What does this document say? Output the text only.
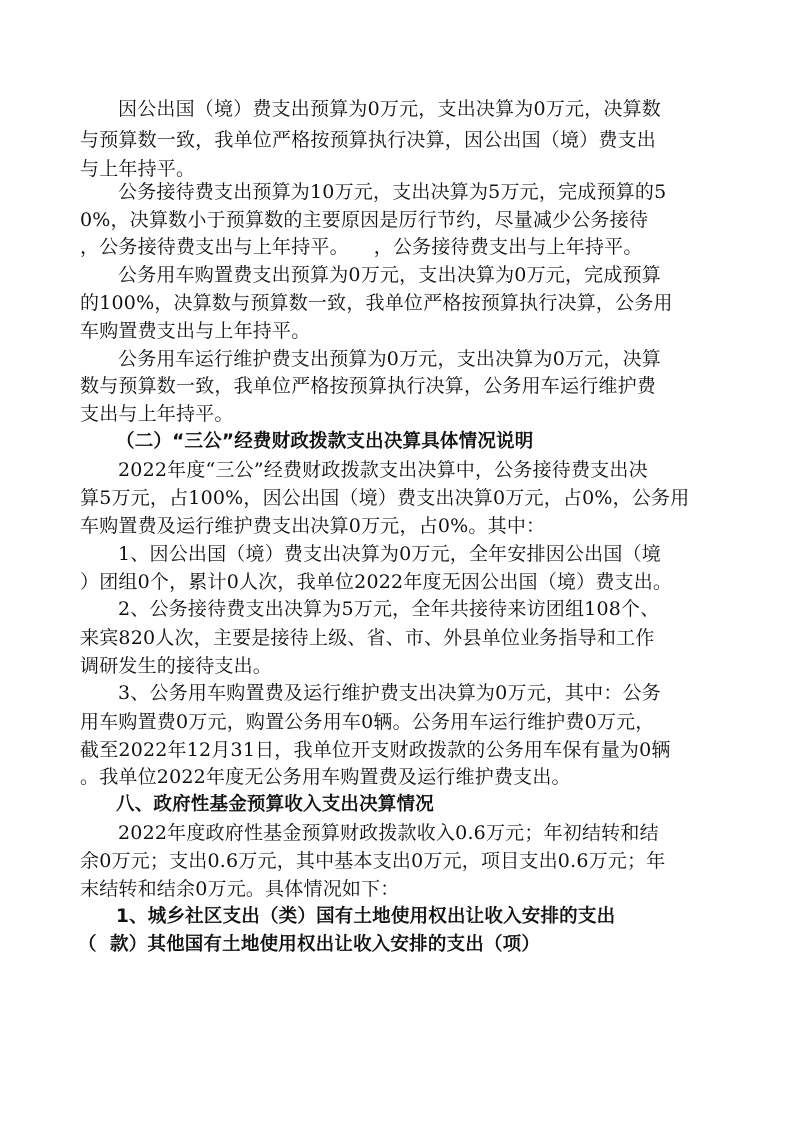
因公出国（境）费支出预算为0万元，支出决算为0万元，决算数
与预算数一致，我单位严格按预算执行决算，因公出国（境）费支出
与上年持平。
公务接待费支出预算为10万元，支出决算为5万元，完成预算的5
0%，决算数小于预算数的主要原因是厉行节约，尽量减少公务接待
，公务接待费支出与上年持平。    ，公务接待费支出与上年持平。
公务用车购置费支出预算为0万元，支出决算为0万元，完成预算
的100%，决算数与预算数一致，我单位严格按预算执行决算，公务用
车购置费支出与上年持平。
公务用车运行维护费支出预算为0万元，支出决算为0万元，决算
数与预算数一致，我单位严格按预算执行决算，公务用车运行维护费
支出与上年持平。
（二）“三公”经费财政拨款支出决算具体情况说明
2022年度“三公”经费财政拨款支出决算中，公务接待费支出决
算5万元，占100%，因公出国（境）费支出决算0万元，占0%，公务用
车购置费及运行维护费支出决算0万元，占0%。其中：
1、因公出国（境）费支出决算为0万元，全年安排因公出国（境
）团组0个，累计0人次，我单位2022年度无因公出国（境）费支出。
2、公务接待费支出决算为5万元，全年共接待来访团组108个、
来宾820人次，主要是接待上级、省、市、外县单位业务指导和工作
调研发生的接待支出。
3、公务用车购置费及运行维护费支出决算为0万元，其中：公务
用车购置费0万元，购置公务用车0辆。公务用车运行维护费0万元，
截至2022年12月31日，我单位开支财政拨款的公务用车保有量为0辆
。我单位2022年度无公务用车购置费及运行维护费支出。
八、政府性基金预算收入支出决算情况
2022年度政府性基金预算财政拨款收入0.6万元；年初结转和结
余0万元；支出0.6万元，其中基本支出0万元，项目支出0.6万元；年
末结转和结余0万元。具体情况如下：
1、城乡社区支出（类）国有土地使用权出让收入安排的支出
（  款）其他国有土地使用权出让收入安排的支出（项）
